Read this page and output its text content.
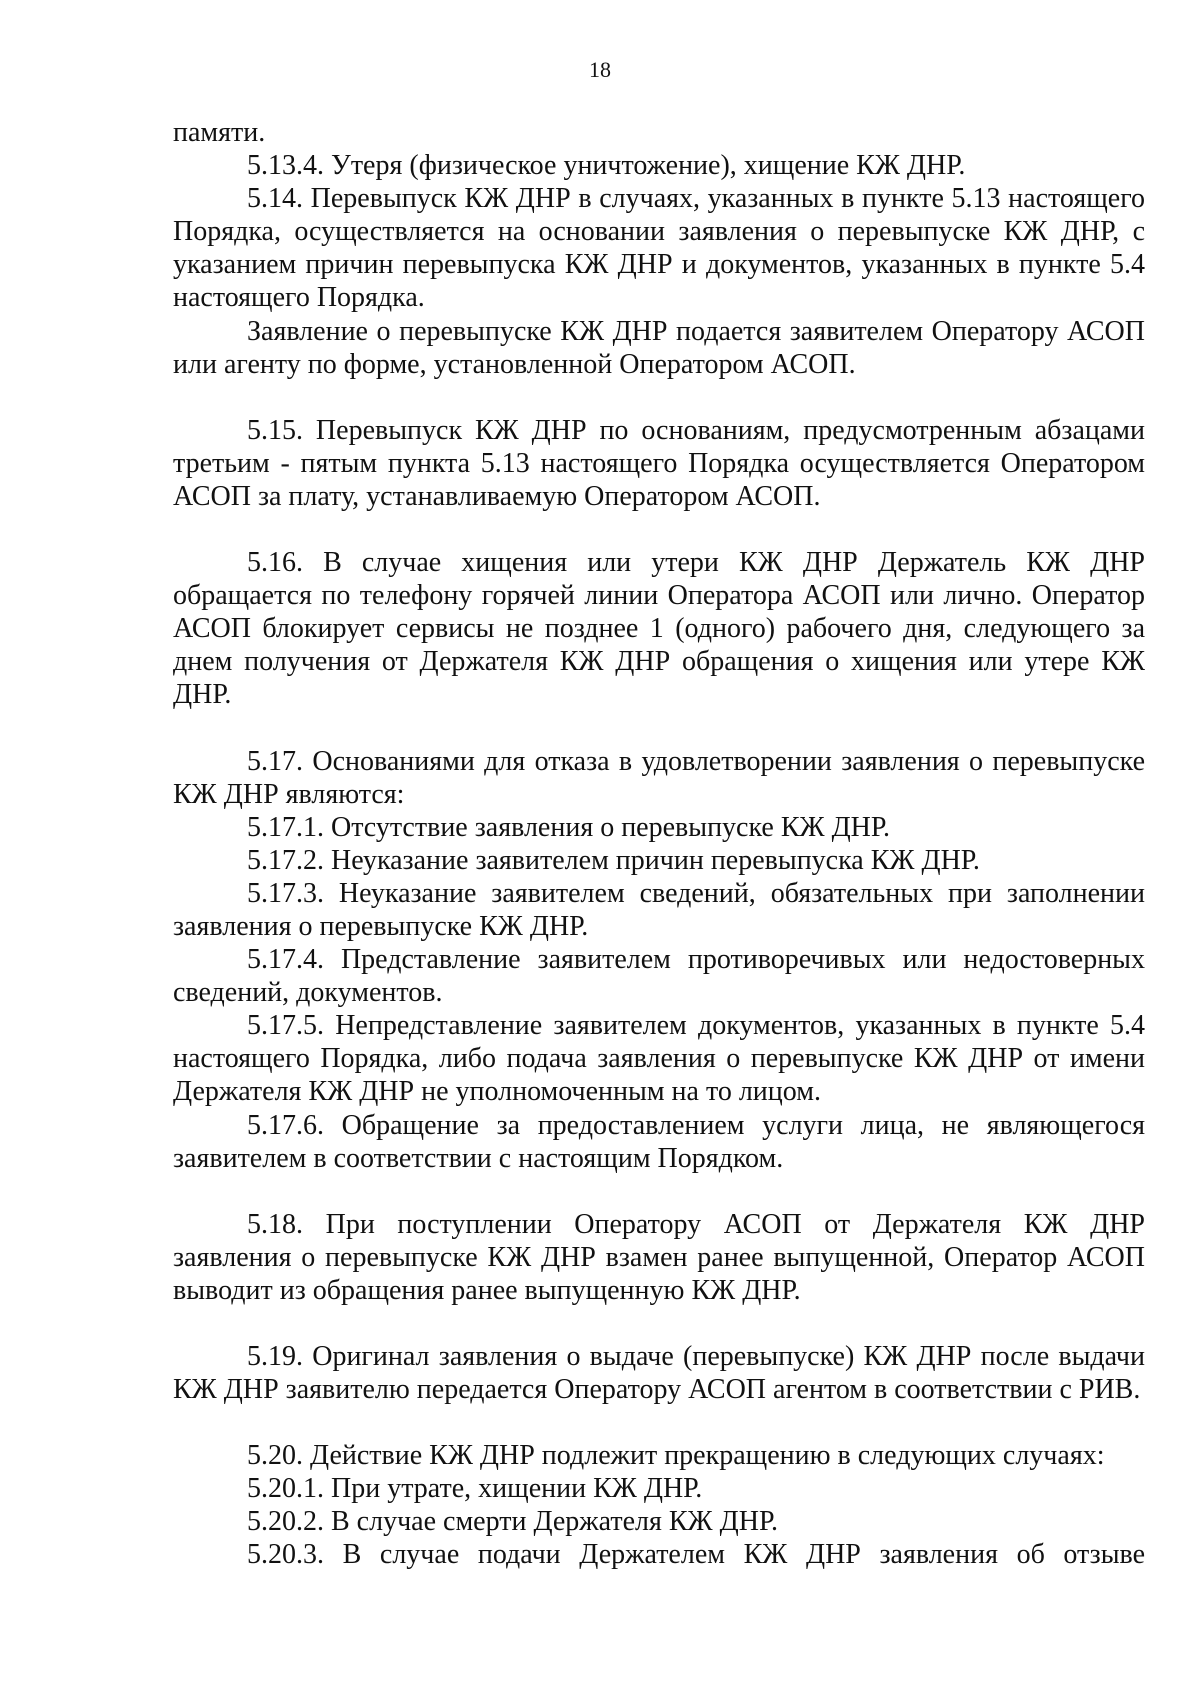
18

памяти.

5.13.4. Утеря (физическое уничтожение), хищение КЖ ДНР.

5.14. Перевыпуск КЖ ДНР в случаях, указанных в пункте 5.13 настоящего Порядка, осуществляется на основании заявления о перевыпуске КЖ ДНР, с указанием причин перевыпуска КЖ ДНР и документов, указанных в пункте 5.4 настоящего Порядка.

Заявление о перевыпуске КЖ ДНР подается заявителем Оператору АСОП или агенту по форме, установленной Оператором АСОП.

5.15. Перевыпуск КЖ ДНР по основаниям, предусмотренным абзацами третьим - пятым пункта 5.13 настоящего Порядка осуществляется Оператором АСОП за плату, устанавливаемую Оператором АСОП.

5.16. В случае хищения или утери КЖ ДНР Держатель КЖ ДНР обращается по телефону горячей линии Оператора АСОП или лично. Оператор АСОП блокирует сервисы не позднее 1 (одного) рабочего дня, следующего за днем получения от Держателя КЖ ДНР обращения о хищения или утере КЖ ДНР.

5.17. Основаниями для отказа в удовлетворении заявления о перевыпуске КЖ ДНР являются:

5.17.1. Отсутствие заявления о перевыпуске КЖ ДНР.

5.17.2. Неуказание заявителем причин перевыпуска КЖ ДНР.

5.17.3. Неуказание заявителем сведений, обязательных при заполнении заявления о перевыпуске КЖ ДНР.

5.17.4. Представление заявителем противоречивых или недостоверных сведений, документов.

5.17.5. Непредставление заявителем документов, указанных в пункте 5.4 настоящего Порядка, либо подача заявления о перевыпуске КЖ ДНР от имени Держателя КЖ ДНР не уполномоченным на то лицом.

5.17.6. Обращение за предоставлением услуги лица, не являющегося заявителем в соответствии с настоящим Порядком.

5.18. При поступлении Оператору АСОП от Держателя КЖ ДНР заявления о перевыпуске КЖ ДНР взамен ранее выпущенной, Оператор АСОП выводит из обращения ранее выпущенную КЖ ДНР.

5.19. Оригинал заявления о выдаче (перевыпуске) КЖ ДНР после выдачи КЖ ДНР заявителю передается Оператору АСОП агентом в соответствии с РИВ.

5.20. Действие КЖ ДНР подлежит прекращению в следующих случаях:

5.20.1. При утрате, хищении КЖ ДНР.

5.20.2. В случае смерти Держателя КЖ ДНР.

5.20.3. В случае подачи Держателем КЖ ДНР заявления об отзыве
